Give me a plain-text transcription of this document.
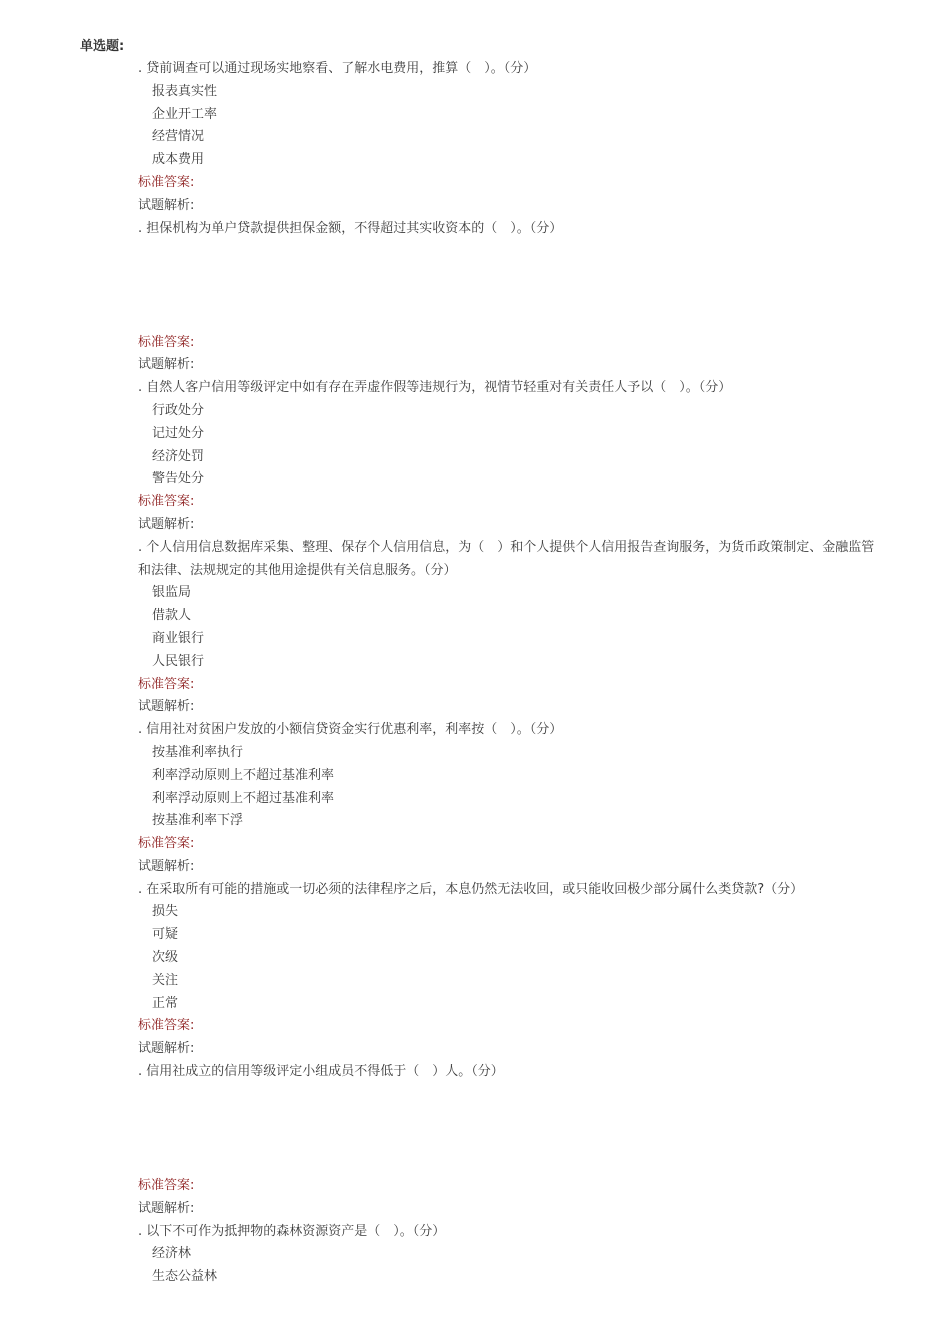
单选题:
. 贷前调查可以通过现场实地察看、了解水电费用，推算（　）。（分）
报表真实性
企业开工率
经营情况
成本费用
标准答案:
试题解析:
. 担保机构为单户贷款提供担保金额，不得超过其实收资本的（　）。（分）
标准答案:
试题解析:
. 自然人客户信用等级评定中如有存在弄虚作假等违规行为，视情节轻重对有关责任人予以（　）。（分）
行政处分
记过处分
经济处罚
警告处分
标准答案:
试题解析:
. 个人信用信息数据库采集、整理、保存个人信用信息，为（　）和个人提供个人信用报告查询服务，为货币政策制定、金融监管和法律、法规规定的其他用途提供有关信息服务。（分）
银监局
借款人
商业银行
人民银行
标准答案:
试题解析:
. 信用社对贫困户发放的小额信贷资金实行优惠利率，利率按（　）。（分）
按基准利率执行
利率浮动原则上不超过基准利率
利率浮动原则上不超过基准利率
按基准利率下浮
标准答案:
试题解析:
. 在采取所有可能的措施或一切必须的法律程序之后，本息仍然无法收回，或只能收回极少部分属什么类贷款?（分）
损失
可疑
次级
关注
正常
标准答案:
试题解析:
. 信用社成立的信用等级评定小组成员不得低于（　）人。（分）
标准答案:
试题解析:
. 以下不可作为抵押物的森林资源资产是（　）。（分）
经济林
生态公益林
